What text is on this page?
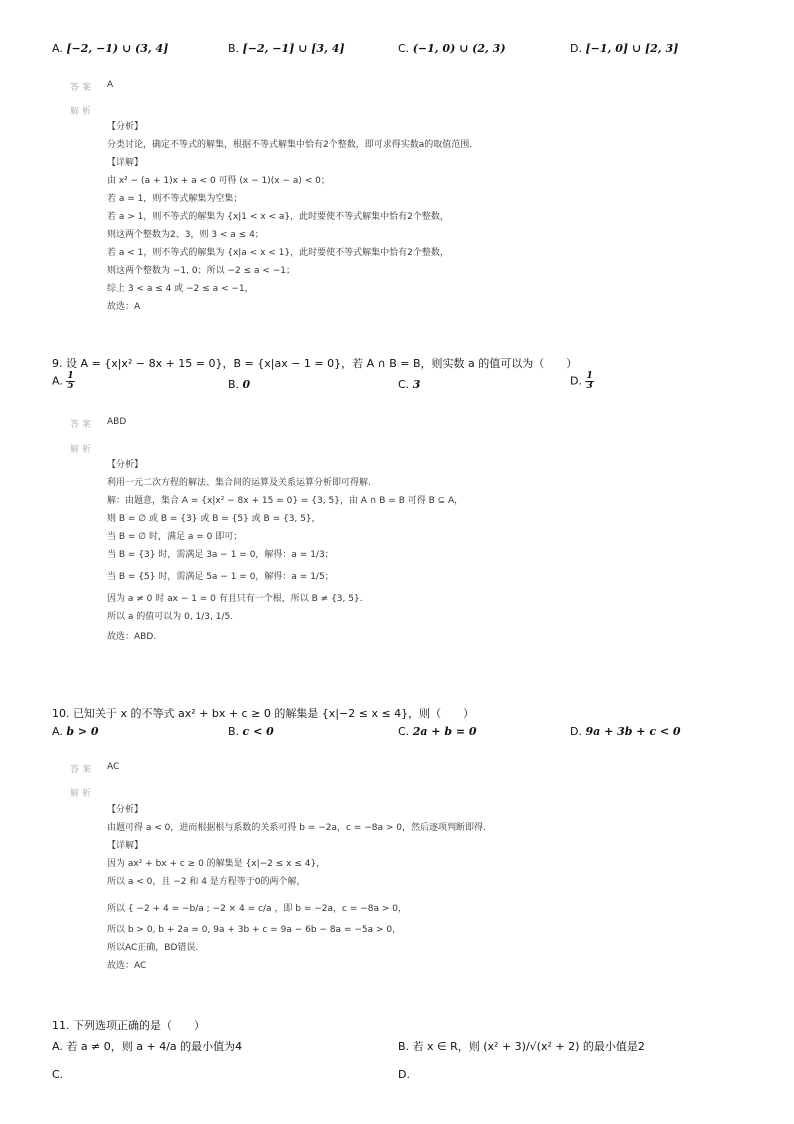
A. [−2, −1) ∪ (3, 4]	B. [−2, −1] ∪ [3, 4]	C. (−1, 0) ∪ (2, 3)	D. [−1, 0] ∪ [2, 3]
答案 A
解析
【分析】
分类讨论，确定不等式的解集，根据不等式解集中恰有2个整数，即可求得实数a的取值范围.
【详解】
由 x² − (a + 1)x + a < 0 可得 (x − 1)(x − a) < 0；
若 a = 1，则不等式解集为空集；
若 a > 1，则不等式的解集为 {x|1 < x < a}，此时要使不等式解集中恰有2个整数，
则这两个整数为2、3，则 3 < a ≤ 4；
若 a < 1，则不等式的解集为 {x|a < x < 1}，此时要使不等式解集中恰有2个整数，
则这两个整数为 −1, 0；所以 −2 ≤ a < −1；
综上 3 < a ≤ 4 或 −2 ≤ a < −1，
故选：A
9. 设 A = {x|x² − 8x + 15 = 0}，B = {x|ax − 1 = 0}，若 A ∩ B = B，则实数 a 的值可以为（　　）
A. $\frac{1}{5}$	B. 0	C. 3	D. $\frac{1}{3}$
答案 ABD
解析
【分析】
利用一元二次方程的解法、集合间的运算及关系运算分析即可得解.
解：由题意，集合 A = {x|x² − 8x + 15 = 0} = {3, 5}，由 A ∩ B = B 可得 B ⊆ A，
则 B = ∅ 或 B = {3} 或 B = {5} 或 B = {3, 5}，
当 B = ∅ 时，满足 a = 0 即可；
当 B = {3} 时，需满足 3a − 1 = 0，解得：a = 1/3；
当 B = {5} 时，需满足 5a − 1 = 0，解得：a = 1/5；
因为 a ≠ 0 时 ax − 1 = 0 有且只有一个根，所以 B ≠ {3, 5}.
所以 a 的值可以为 0, 1/3, 1/5.
故选：ABD.
10. 已知关于 x 的不等式 ax² + bx + c ≥ 0 的解集是 {x|−2 ≤ x ≤ 4}，则（　　）
A. b > 0	B. c < 0	C. 2a + b = 0	D. 9a + 3b + c < 0
答案 AC
解析
【分析】
由题可得 a < 0，进而根据根与系数的关系可得 b = −2a，c = −8a > 0，然后逐项判断即得.
【详解】
因为 ax² + bx + c ≥ 0 的解集是 {x|−2 ≤ x ≤ 4}，
所以 a < 0，且 −2 和 4 是方程等于0的两个解，
所以 { −2 + 4 = −b/a ; −2 × 4 = c/a ，即 b = −2a，c = −8a > 0，
所以 b > 0, b + 2a = 0, 9a + 3b + c = 9a − 6b − 8a = −5a > 0，
所以AC正确，BD错误.
故选：AC
11. 下列选项正确的是（　　）
A. 若 a ≠ 0，则 a + 4/a 的最小值为4	B. 若 x ∈ R，则 (x² + 3)/√(x² + 2) 的最小值是2
C.	D.
